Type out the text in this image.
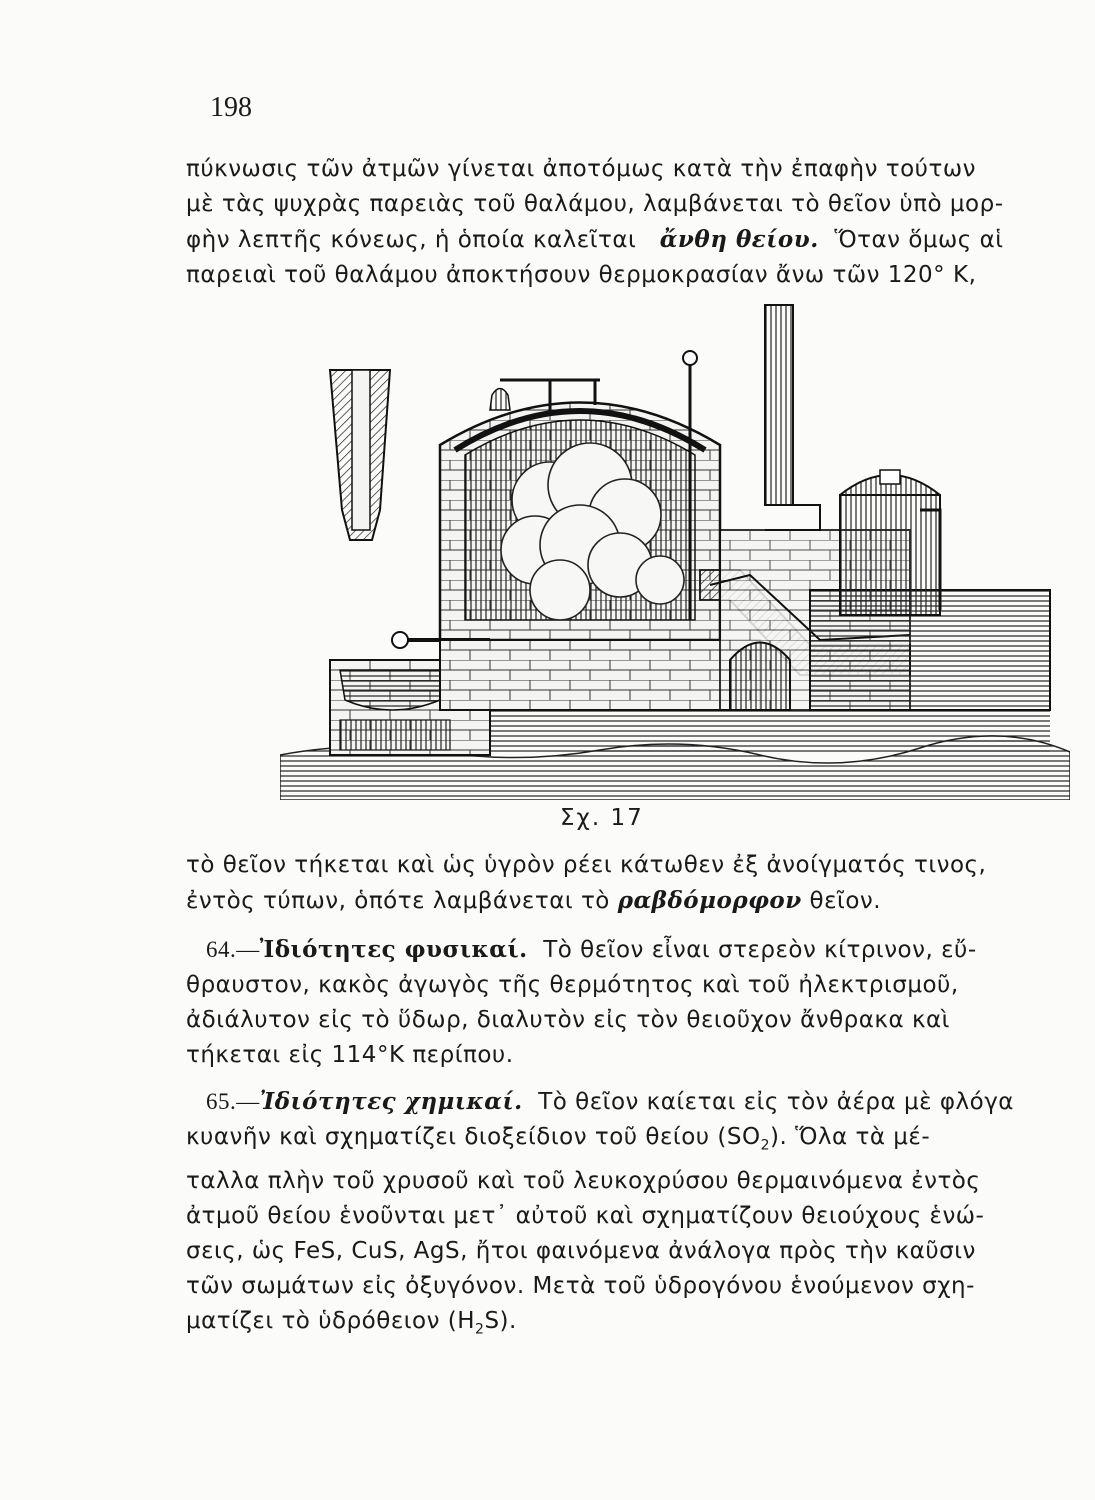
198

πύκνωσις τῶν ἀτμῶν γίνεται ἀποτόμως κατὰ τὴν ἐπαφὴν τούτων

μὲ τὰς ψυχρὰς παρειὰς τοῦ θαλάμου, λαμβάνεται τὸ θεῖον ὑπὸ μορ-

φὴν λεπτῆς κόνεως, ἡ ὁποία καλεῖται ἄνθη θείου. Ὅταν ὅμως αἱ

παρειαὶ τοῦ θαλάμου ἀποκτήσουν θερμοκρασίαν ἄνω τῶν 120° Κ,

Σχ. 17

τὸ θεῖον τήκεται καὶ ὡς ὑγρὸν ρέει κάτωθεν ἐξ ἀνοίγματός τινος,

ἐντὸς τύπων, ὁπότε λαμβάνεται τὸ ραβδόμορφον θεῖον.

64.—Ἰδιότητες φυσικαί. Τὸ θεῖον εἶναι στερεὸν κίτρινον, εὔ-

θραυστον, κακὸς ἀγωγὸς τῆς θερμότητος καὶ τοῦ ἠλεκτρισμοῦ,

ἀδιάλυτον εἰς τὸ ὕδωρ, διαλυτὸν εἰς τὸν θειοῦχον ἄνθρακα καὶ

τήκεται εἰς 114°Κ περίπου.

65.—Ἰδιότητες χημικαί. Τὸ θεῖον καίεται εἰς τὸν ἀέρα μὲ φλόγα

κυανῆν καὶ σχηματίζει διοξείδιον τοῦ θείου $(SO_2)$. Ὅλα τὰ μέ-

ταλλα πλὴν τοῦ χρυσοῦ καὶ τοῦ λευκοχρύσου θερμαινόμενα ἐντὸς

ἀτμοῦ θείου ἑνοῦνται μετ᾽ αὐτοῦ καὶ σχηματίζουν θειούχους ἑνώ-

σεις, ὡς FeS, CuS, AgS, ἤτοι φαινόμενα ἀνάλογα πρὸς τὴν καῦσιν

τῶν σωμάτων εἰς ὀξυγόνον. Μετὰ τοῦ ὑδρογόνου ἑνούμενον σχη-

ματίζει τὸ ὑδρόθειον $(H_2S)$.
